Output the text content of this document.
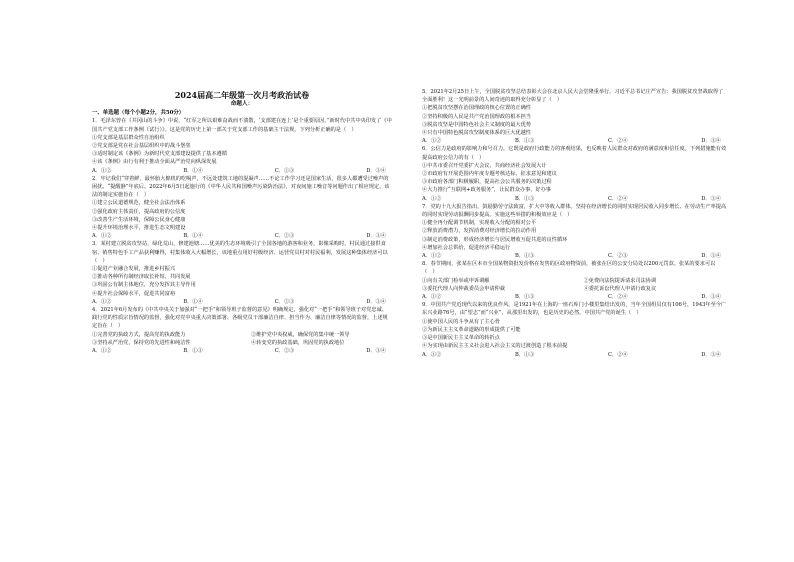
2024届高二年级第一次月考政治试卷
命题人：
一、单选题（每个小题2分，共50分）
1．毛泽东曾在《井冈山的斗争》中说，“红军之所以艰难奋战而不溃散，‘支部建在连上’是个重要原因。”新时代中共中央印发了《中国共产党支部工作条例（试行）》。这是党的历史上第一部关于党支部工作的基础主干法规。下列分析正确的是（　）
①党支部是基层群众性自治组织
②党支部是党在社会基层组织中的战斗堡垒
③适时制定该《条例》为新时代党支部建设提供了基本遵循
④该《条例》由行有利于推动全面从严治党向纵深发展
A．①②	B．①④	C．②③	D．③④
2．牢记我们“穿着鲜，最怀胎大棉机的吃喝声，不远处建筑工地的混凝声……不论工作学习还是国家生活，很多人都遭受过噪声的困扰。“提醒静”年底后。2022年6月5日起施行的《中华人民共和国噪声污染防治法》，对夜间施工噪音等问题作出了相应规定。该法的制定实施旨在（　）
①建立公民道德规范，健全社会法治体系
②强化政府主体责任，提高政府的公信度
③改善生产生活环境，保障公民身心健康
④提升环境治理水平，推进生态文明建设
A．①②	B．①④	C．②③	D．③④
3．某村建立脱贫攻坚站，绿化荒山、修建池塘……优美的生态环境吸引了全国各地的游客和业务，影像采购时，村民通过接供食宿、销售特色手工产品获利赚得，村集体收入大幅增长，该地重点用好村级经济、运营党员村对村民福利，发展这种集体经济可以（　）
①促进产业融合发展，推进乡村振兴
②推动各种所有制经济取长补短、共同发展
③巩固公有制主体地位，充分发挥其主导作用
④提升社会保障水平，促进共同富裕
A．①②	B．①④	C．②③	D．③④
4．2021年6月发布的《中共中央关于加强对“一把手”和领导班子监督的意见》明确规定，强化对“一把手”和领导班子对党忠诚、践行党的性质宗旨情况的监督，强化对党中央重大决策部署、各级党员干部廉洁自律、担当作为、廉洁自律等情况的监督。上述规定旨在（　）
①完善党的执政方式，提高党的执政能力	②维护党中央权威，确保党的集中统一领导
③坚持从严治党，保持党的先进性和纯洁性	④转变党的执政基础，巩固党的执政地位
A．①②	B．①③	C．②③	D．③④
5．2021年2月25日上午，全国脱贫攻坚总结表彰大会在北京人民大会堂隆重举行。习近平总书记庄严宣告：我国脱贫攻坚战取得了全面胜利！这一光明前景的人间奇迹的取得充分彰显了（　）
①把脱贫攻坚摆在治国理政的核心位置的正确性
②坚持积极的人民是共产党治国理政的根本担当
③脱贫攻坚是中国特色社会主义制度的最大优势
④只有中国特色脱贫攻坚制度体系的巨大优越性
A．①②	B．①③	C．②④	D．③④
6．公信力是政府的影响力和号召力，它既是政府行政能力的客观结果，也反映着人民群众对政府的满意度和信任度。下列措施能有效提高政府公信力的有（　）
①中共市委召开党委扩大会议，共商经济社会发展大计
②市政府有开展范围内年度专题考核达标，征求意见和建议
③市政府各部门积极履职，提高社会公共服务的决策过程
④大力推行“互联网+政务服务”，让民群众办事，好办事
A．①②	B．①③	C．②④	D．③④
7．党的十九大报告指出，鼓励勤劳守法致富，扩大中等收入群体。坚持在经济增长的同时实现居民收入同步增长、在劳动生产率提高的同时实现劳动报酬同步提高。实施这些举措的积极效应是（　）
①健全再分配调节机制，实现收入分配的相对公平
②释放消费潜力，发挥消费对经济增长的拉动作用
③制定消费政策，形成经济增长与居民增收互促共进的良性循环
④增加社会总供给，促进经济平稳运行
A．①②	B．①③	C．②③	D．③④
8．春节期间，张某在区本市全国某物资批发价格在发售的区政府物资前，被张在区的公安分局处以200元罚款。张某的要求可以（　）
①向有关部门检举或申诉调解	②免费向法院提诉请求司法协调
③委托代理人向仲裁委员会申请仲裁	④委托诉讼代理人申请行政复议
A．①②	B．①③	C．②④	D．③④
9．中国共产党近现代以来的优良作风，是1921年在上海的一座石库门小楼里集结出发的，当年全国组员仅有106号，1943年至今广东兴业路76号，由“望志”而“兴业”，从那里出发的，也是历史的必然。中国共产党的诞生（　）
①使中国人民的斗争从有了主心骨
②为新民主主义革命道路的形成提供了可能
③是中国新民主主义革命的转折点
④为实现由新民主主义社会进入社会主义的过渡创造了根本前提
A．①②	B．①③	C．②④	D．③④
